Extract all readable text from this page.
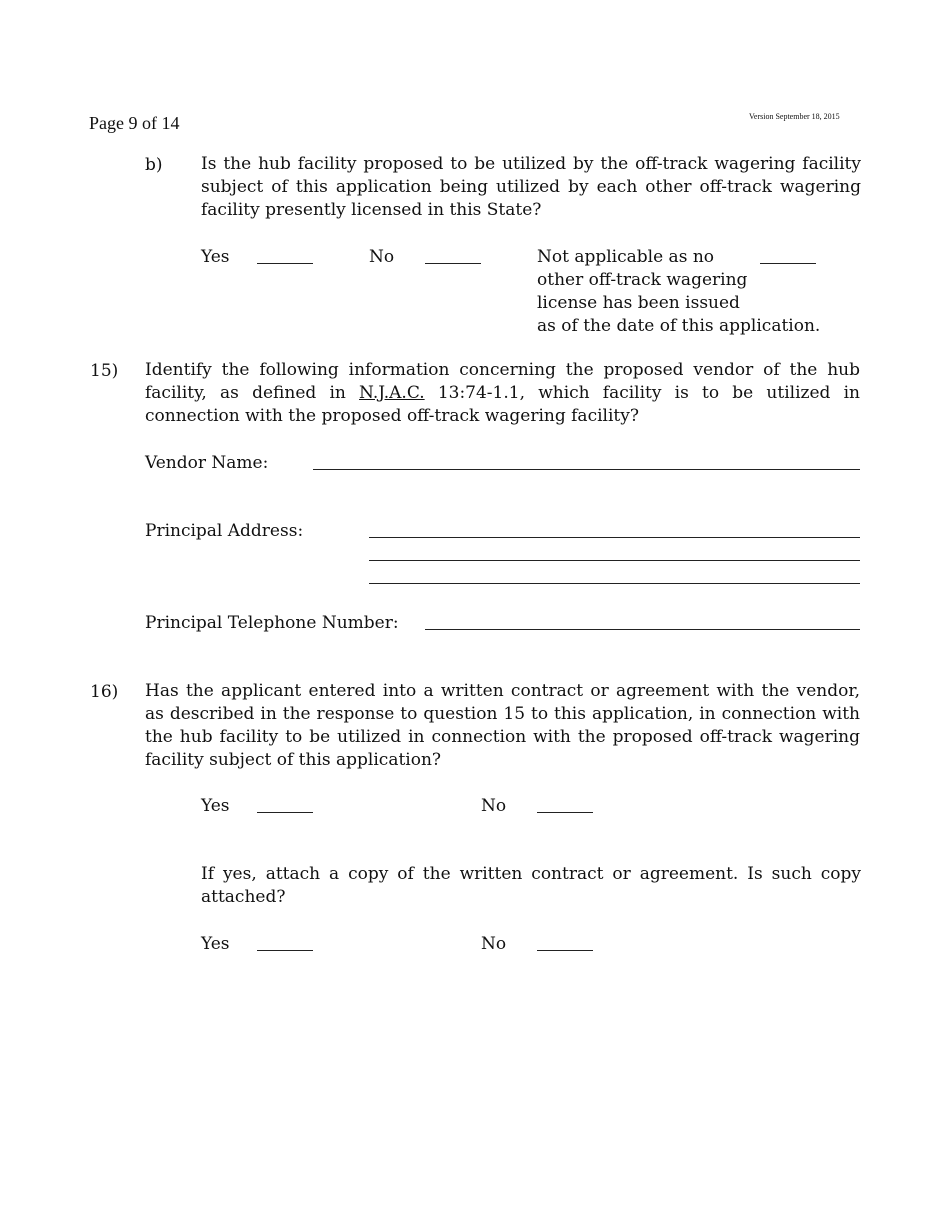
Page 9 of 14	Version September 18, 2015
b) Is the hub facility proposed to be utilized by the off-track wagering facility subject of this application being utilized by each other off-track wagering facility presently licensed in this State?
Yes	No	Not applicable as no
other off-track wagering
license has been issued
as of the date of this application.
15) Identify the following information concerning the proposed vendor of the hub facility, as defined in N.J.A.C. 13:74-1.1, which facility is to be utilized in connection with the proposed off-track wagering facility?
Vendor Name:
Principal Address:
Principal Telephone Number:
16) Has the applicant entered into a written contract or agreement with the vendor, as described in the response to question 15 to this application, in connection with the hub facility to be utilized in connection with the proposed off-track wagering facility subject of this application?
Yes	No
If yes, attach a copy of the written contract or agreement. Is such copy attached?
Yes	No
